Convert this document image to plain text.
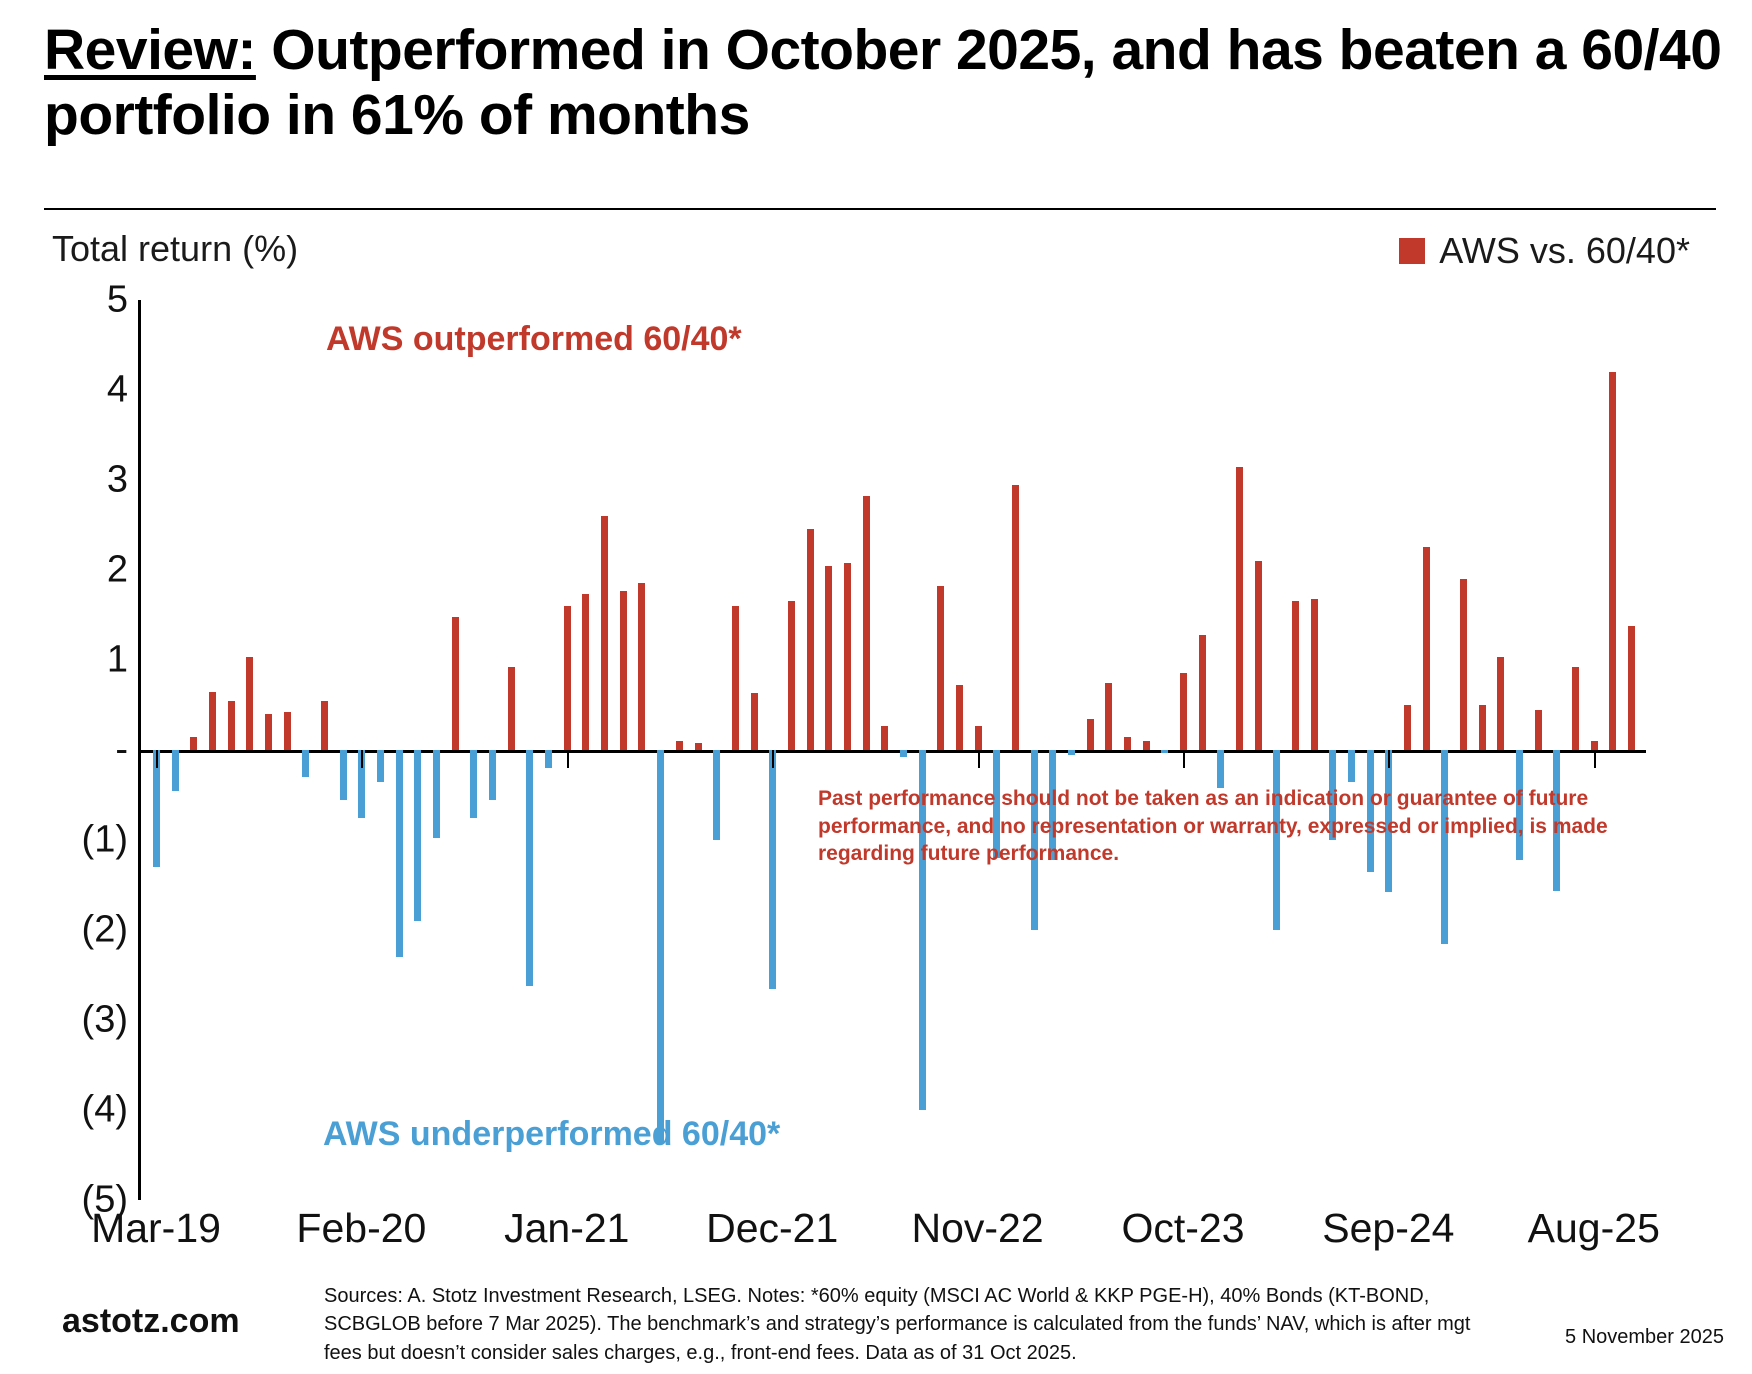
Review: Outperformed in October 2025, and has beaten a 60/40 portfolio in 61% of months
Total return (%)	AWS vs. 60/40*
5
4
3
2
1
-
(1)
(2)
(3)
(4)
(5)
AWS outperformed 60/40*
AWS underperformed 60/40*
Past performance should not be taken as an indication or guarantee of future performance, and no representation or warranty, expressed or implied, is made regarding future performance.
Mar-19 Feb-20 Jan-21 Dec-21 Nov-22 Oct-23 Sep-24 Aug-25
astotz.com
Sources: A. Stotz Investment Research, LSEG. Notes: *60% equity (MSCI AC World & KKP PGE-H), 40% Bonds (KT-BOND, SCBGLOB before 7 Mar 2025). The benchmark’s and strategy’s performance is calculated from the funds’ NAV, which is after mgt fees but doesn’t consider sales charges, e.g., front-end fees. Data as of 31 Oct 2025.
5 November 2025
